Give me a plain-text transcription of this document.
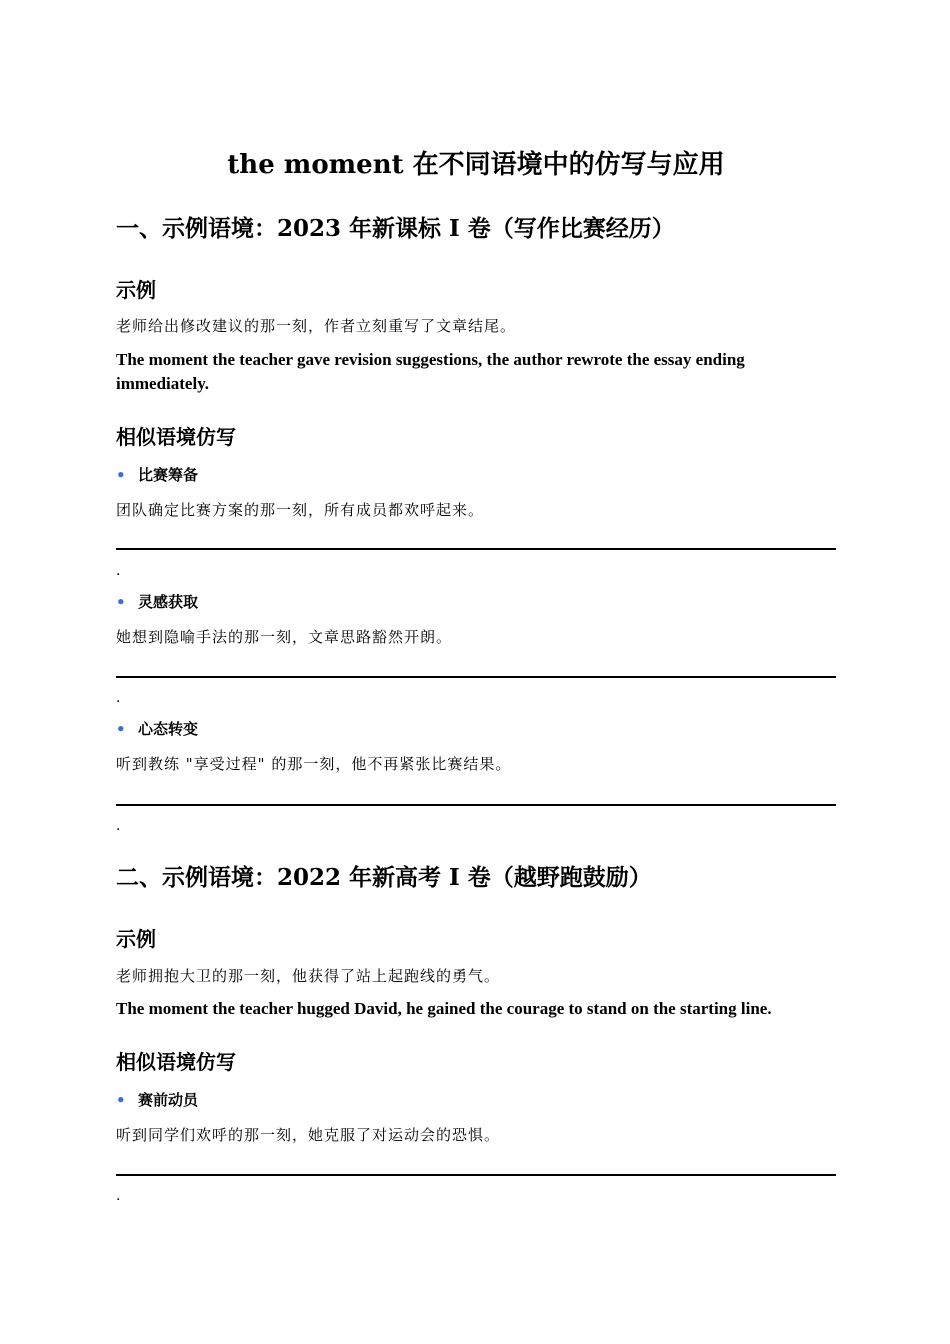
the moment 在不同语境中的仿写与应用
一、示例语境：2023 年新课标 Ⅰ 卷（写作比赛经历）
示例
老师给出修改建议的那一刻，作者立刻重写了文章结尾。
The moment the teacher gave revision suggestions, the author rewrote the essay ending immediately.
相似语境仿写
• 比赛筹备
团队确定比赛方案的那一刻，所有成员都欢呼起来。
.
• 灵感获取
她想到隐喻手法的那一刻，文章思路豁然开朗。
.
• 心态转变
听到教练 "享受过程" 的那一刻，他不再紧张比赛结果。
.
二、示例语境：2022 年新高考 Ⅰ 卷（越野跑鼓励）
示例
老师拥抱大卫的那一刻，他获得了站上起跑线的勇气。
The moment the teacher hugged David, he gained the courage to stand on the starting line.
相似语境仿写
• 赛前动员
听到同学们欢呼的那一刻，她克服了对运动会的恐惧。
.
